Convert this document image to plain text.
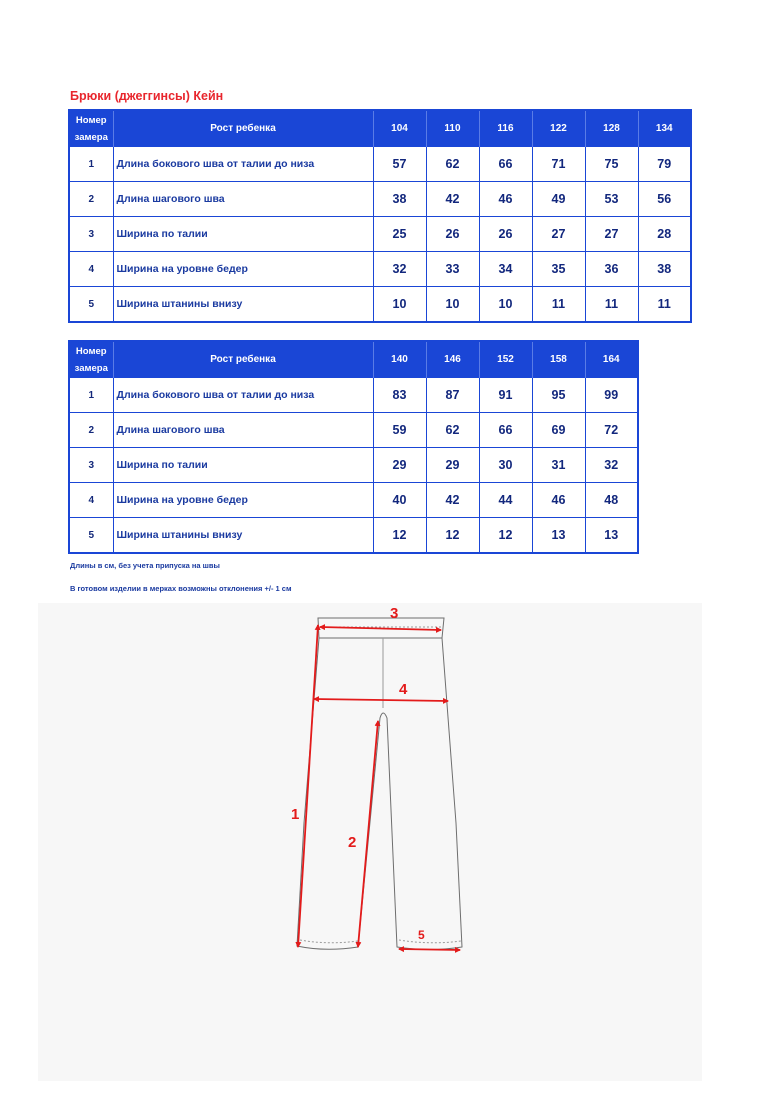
Брюки (джеггинсы) Кейн
Номер
замера	Рост ребенка	104	110	116	122	128	134
1	Длина бокового шва от талии до низа	57	62	66	71	75	79
2	Длина шагового шва	38	42	46	49	53	56
3	Ширина по талии	25	26	26	27	27	28
4	Ширина на уровне бедер	32	33	34	35	36	38
5	Ширина штанины внизу	10	10	10	11	11	11
Номер
замера	Рост ребенка	140	146	152	158	164
1	Длина бокового шва от талии до низа	83	87	91	95	99
2	Длина шагового шва	59	62	66	69	72
3	Ширина по талии	29	29	30	31	32
4	Ширина на уровне бедер	40	42	44	46	48
5	Ширина штанины внизу	12	12	12	13	13
Длины в см, без учета припуска на швы
В готовом изделии в мерках возможны отклонения +/- 1 см
1
2
3
4
5
